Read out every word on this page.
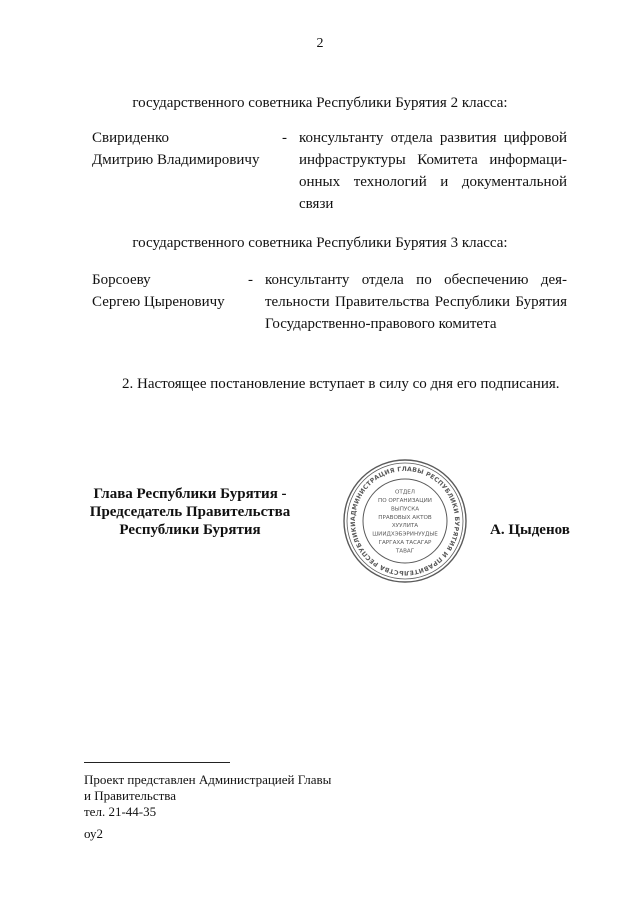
2
государственного советника Республики Бурятия 2 класса:
Свириденко
Дмитрию Владимировичу
- консультанту отдела развития цифровой
инфраструктуры Комитета информаци-
онных технологий и документальной
связи
государственного советника Республики Бурятия 3 класса:
Борсоеву
Сергею Цыреновичу
- консультанту отдела по обеспечению дея-
тельности Правительства Республики Бурятия
Государственно-правового комитета
2. Настоящее постановление вступает в силу со дня его подписания.
Глава Республики Бурятия -
Председатель Правительства
Республики Бурятия	А. Цыденов
АДМИНИСТРАЦИЯ ГЛАВЫ РЕСПУБЛИКИ БУРЯТИЯ И ПРАВИТЕЛЬСТВА РЕСПУБЛИКИ
ОТДЕЛ
ПО ОРГАНИЗАЦИИ
ВЫПУСКА
ПРАВОВЫХ АКТОВ
ХУУЛИТА
ШИИДХЭБЭРИНУУДЫЕ
ГАРГАХА ТАСАГАР
ТАВАГ
Проект представлен Администрацией Главы
и Правительства
тел. 21-44-35
оу2
